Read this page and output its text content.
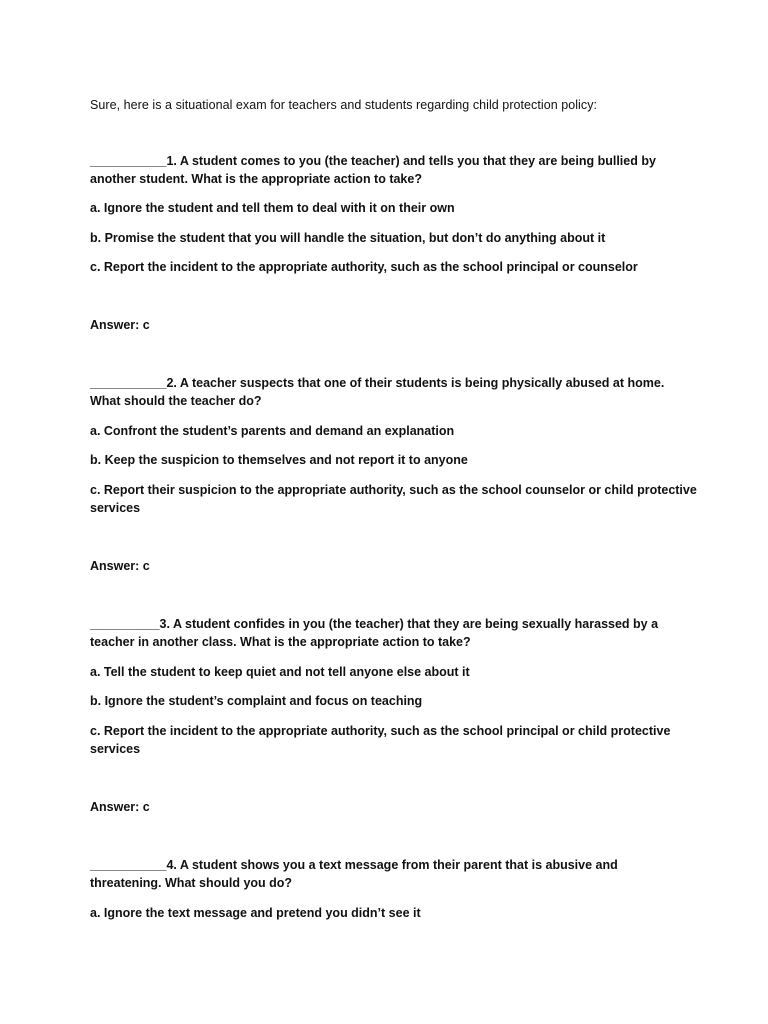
Sure, here is a situational exam for teachers and students regarding child protection policy:
___________1. A student comes to you (the teacher) and tells you that they are being bullied by
another student. What is the appropriate action to take?
a. Ignore the student and tell them to deal with it on their own
b. Promise the student that you will handle the situation, but don’t do anything about it
c. Report the incident to the appropriate authority, such as the school principal or counselor
Answer: c
___________2. A teacher suspects that one of their students is being physically abused at home.
What should the teacher do?
a. Confront the student’s parents and demand an explanation
b. Keep the suspicion to themselves and not report it to anyone
c. Report their suspicion to the appropriate authority, such as the school counselor or child protective
services
Answer: c
__________3. A student confides in you (the teacher) that they are being sexually harassed by a
teacher in another class. What is the appropriate action to take?
a. Tell the student to keep quiet and not tell anyone else about it
b. Ignore the student’s complaint and focus on teaching
c. Report the incident to the appropriate authority, such as the school principal or child protective
services
Answer: c
___________4. A student shows you a text message from their parent that is abusive and
threatening. What should you do?
a. Ignore the text message and pretend you didn’t see it
